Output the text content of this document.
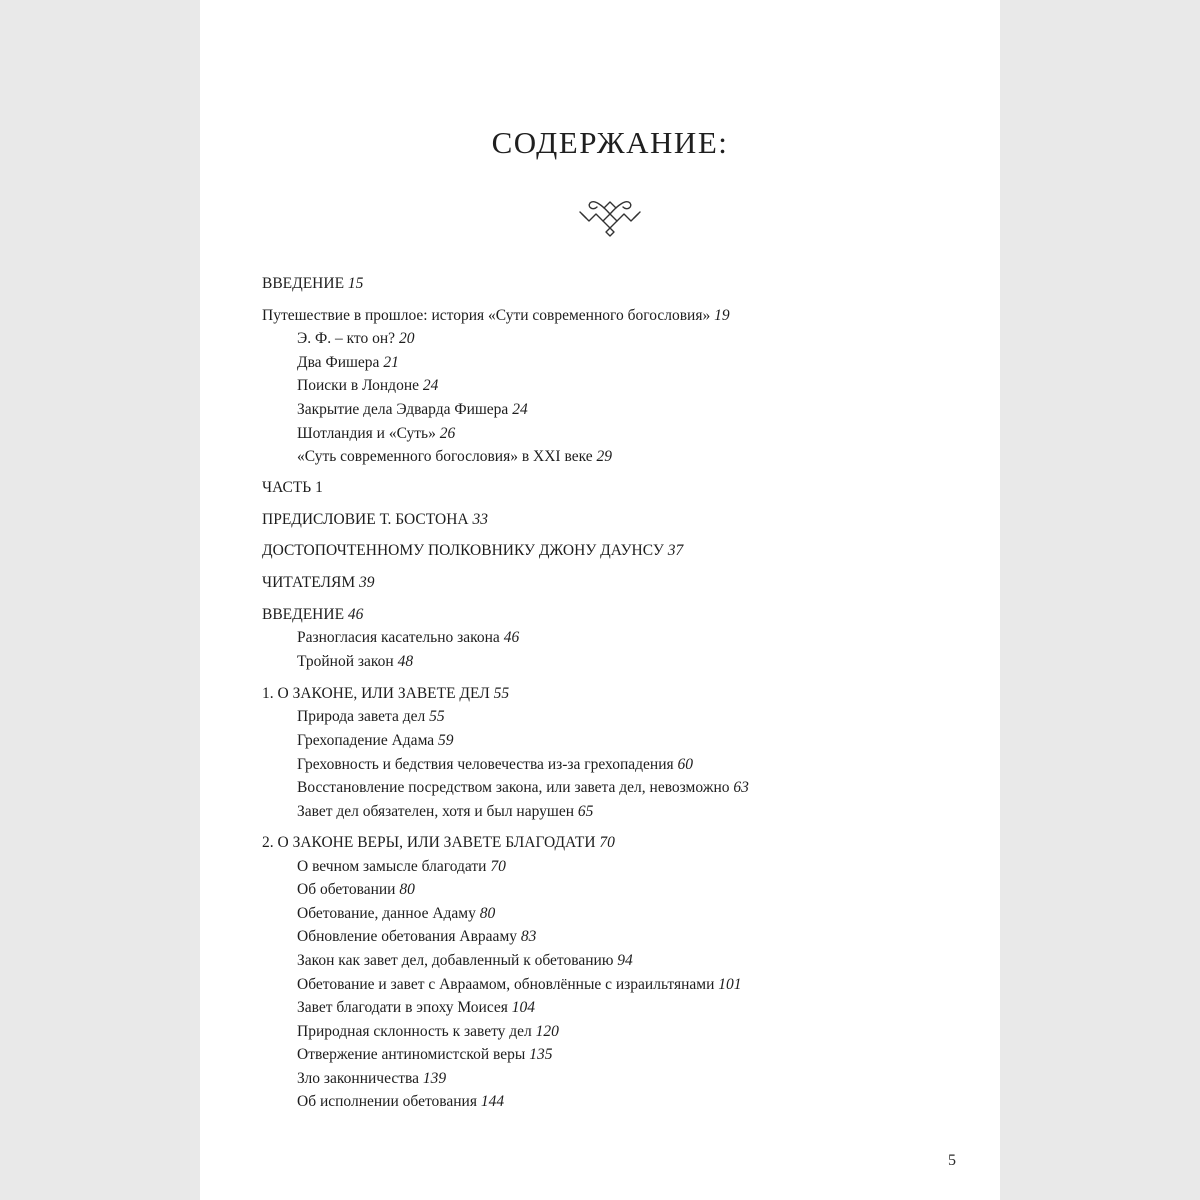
СОДЕРЖАНИЕ:
ВВЕДЕНИЕ 15
Путешествие в прошлое: история «Сути современного богословия» 19
Э. Ф. – кто он? 20
Два Фишера 21
Поиски в Лондоне 24
Закрытие дела Эдварда Фишера 24
Шотландия и «Суть» 26
«Суть современного богословия» в XXI веке 29
ЧАСТЬ 1
ПРЕДИСЛОВИЕ Т. БОСТОНА 33
ДОСТОПОЧТЕННОМУ ПОЛКОВНИКУ ДЖОНУ ДАУНСУ 37
ЧИТАТЕЛЯМ 39
ВВЕДЕНИЕ 46
Разногласия касательно закона 46
Тройной закон 48
1. О ЗАКОНЕ, ИЛИ ЗАВЕТЕ ДЕЛ 55
Природа завета дел 55
Грехопадение Адама 59
Греховность и бедствия человечества из-за грехопадения 60
Восстановление посредством закона, или завета дел, невозможно 63
Завет дел обязателен, хотя и был нарушен 65
2. О ЗАКОНЕ ВЕРЫ, ИЛИ ЗАВЕТЕ БЛАГОДАТИ 70
О вечном замысле благодати 70
Об обетовании 80
Обетование, данное Адаму 80
Обновление обетования Аврааму 83
Закон как завет дел, добавленный к обетованию 94
Обетование и завет с Авраамом, обновлённые с израильтянами 101
Завет благодати в эпоху Моисея 104
Природная склонность к завету дел 120
Отвержение антиномистской веры 135
Зло законничества 139
Об исполнении обетования 144
5
